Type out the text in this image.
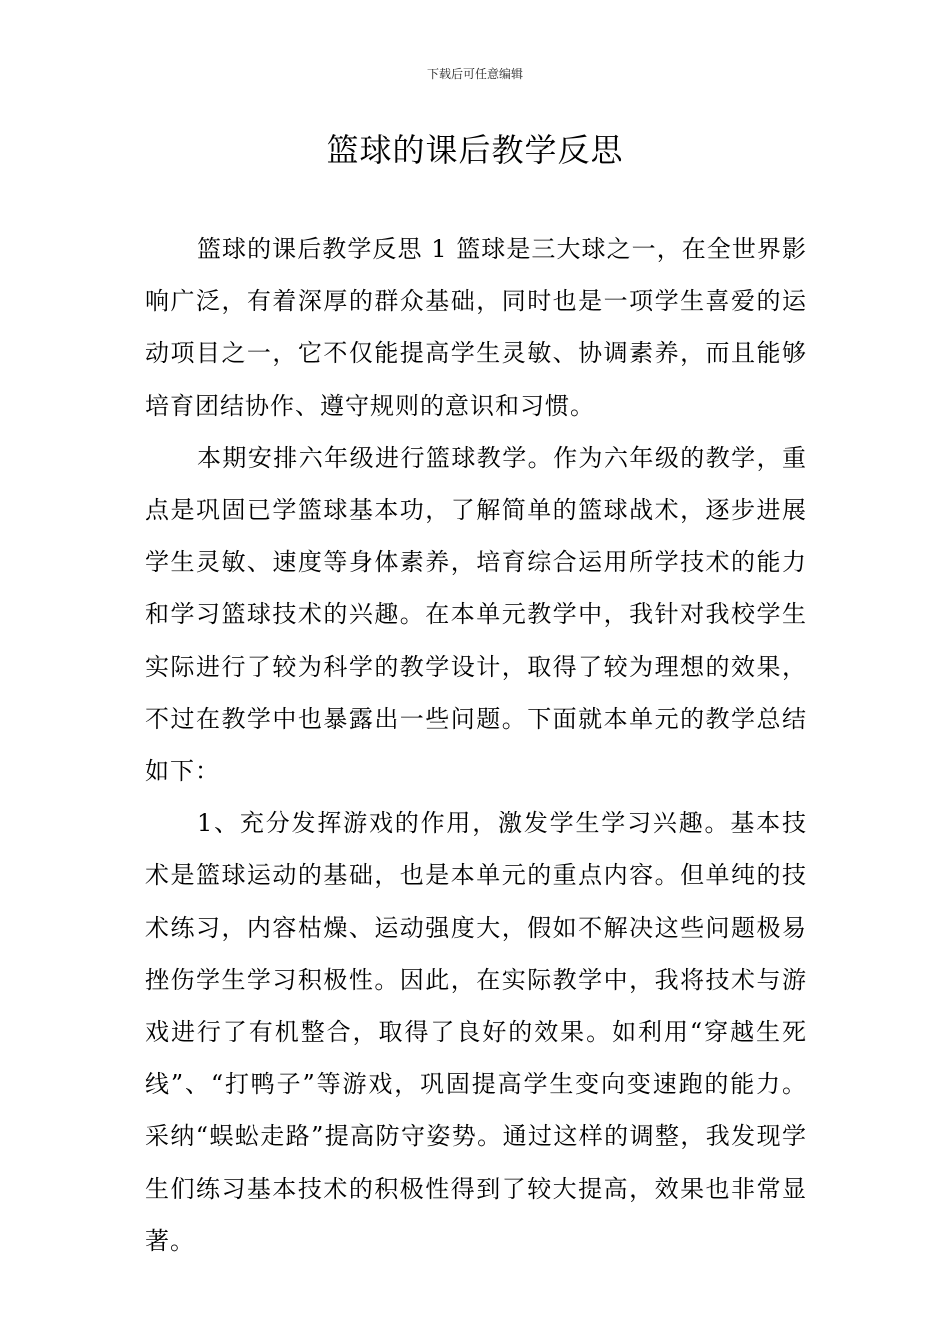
下载后可任意编辑
篮球的课后教学反思

篮球的课后教学反思 1 篮球是三大球之一，在全世界影响广泛，有着深厚的群众基础，同时也是一项学生喜爱的运动项目之一，它不仅能提高学生灵敏、协调素养，而且能够培育团结协作、遵守规则的意识和习惯。

本期安排六年级进行篮球教学。作为六年级的教学，重点是巩固已学篮球基本功，了解简单的篮球战术，逐步进展学生灵敏、速度等身体素养，培育综合运用所学技术的能力和学习篮球技术的兴趣。在本单元教学中，我针对我校学生实际进行了较为科学的教学设计，取得了较为理想的效果，不过在教学中也暴露出一些问题。下面就本单元的教学总结如下：

1、充分发挥游戏的作用，激发学生学习兴趣。基本技术是篮球运动的基础，也是本单元的重点内容。但单纯的技术练习，内容枯燥、运动强度大，假如不解决这些问题极易挫伤学生学习积极性。因此，在实际教学中，我将技术与游戏进行了有机整合，取得了良好的效果。如利用“穿越生死线”、“打鸭子”等游戏，巩固提高学生变向变速跑的能力。采纳“蜈蚣走路”提高防守姿势。通过这样的调整，我发现学生们练习基本技术的积极性得到了较大提高，效果也非常显著。
